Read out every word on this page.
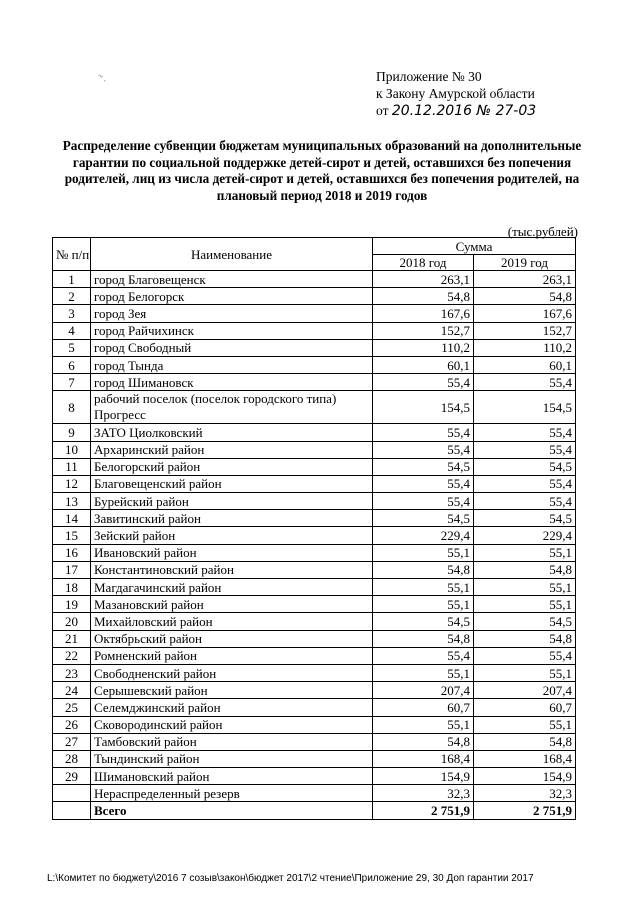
~ .	Приложение № 30
к Закону Амурской области
от 20.12.2016 № 27-03
Распределение субвенции бюджетам муниципальных образований на дополнительные гарантии по социальной поддержке детей-сирот и детей, оставшихся без попечения родителей, лиц из числа детей-сирот и детей, оставшихся без попечения родителей, на плановый период 2018 и 2019 годов
(тыс.рублей)
№ п/п	Наименование	Сумма	
		2018 год	2019 год
1	город Благовещенск	263,1	263,1
2	город Белогорск	54,8	54,8
3	город Зея	167,6	167,6
4	город Райчихинск	152,7	152,7
5	город Свободный	110,2	110,2
6	город Тында	60,1	60,1
7	город Шимановск	55,4	55,4
8	рабочий поселок (поселок городского типа) Прогресс	154,5	154,5
9	ЗАТО Циолковский	55,4	55,4
10	Архаринский район	55,4	55,4
11	Белогорский район	54,5	54,5
12	Благовещенский район	55,4	55,4
13	Бурейский район	55,4	55,4
14	Завитинский район	54,5	54,5
15	Зейский район	229,4	229,4
16	Ивановский район	55,1	55,1
17	Константиновский район	54,8	54,8
18	Магдагачинский район	55,1	55,1
19	Мазановский район	55,1	55,1
20	Михайловский район	54,5	54,5
21	Октябрьский район	54,8	54,8
22	Ромненский район	55,4	55,4
23	Свободненский район	55,1	55,1
24	Серышевский район	207,4	207,4
25	Селемджинский район	60,7	60,7
26	Сковородинский район	55,1	55,1
27	Тамбовский район	54,8	54,8
28	Тындинский район	168,4	168,4
29	Шимановский район	154,9	154,9
	Нераспределенный резерв	32,3	32,3
	Всего	2 751,9	2 751,9
L:\Комитет по бюджету\2016 7 созыв\закон\бюджет 2017\2 чтение\Приложение 29, 30 Доп гарантии 2017
